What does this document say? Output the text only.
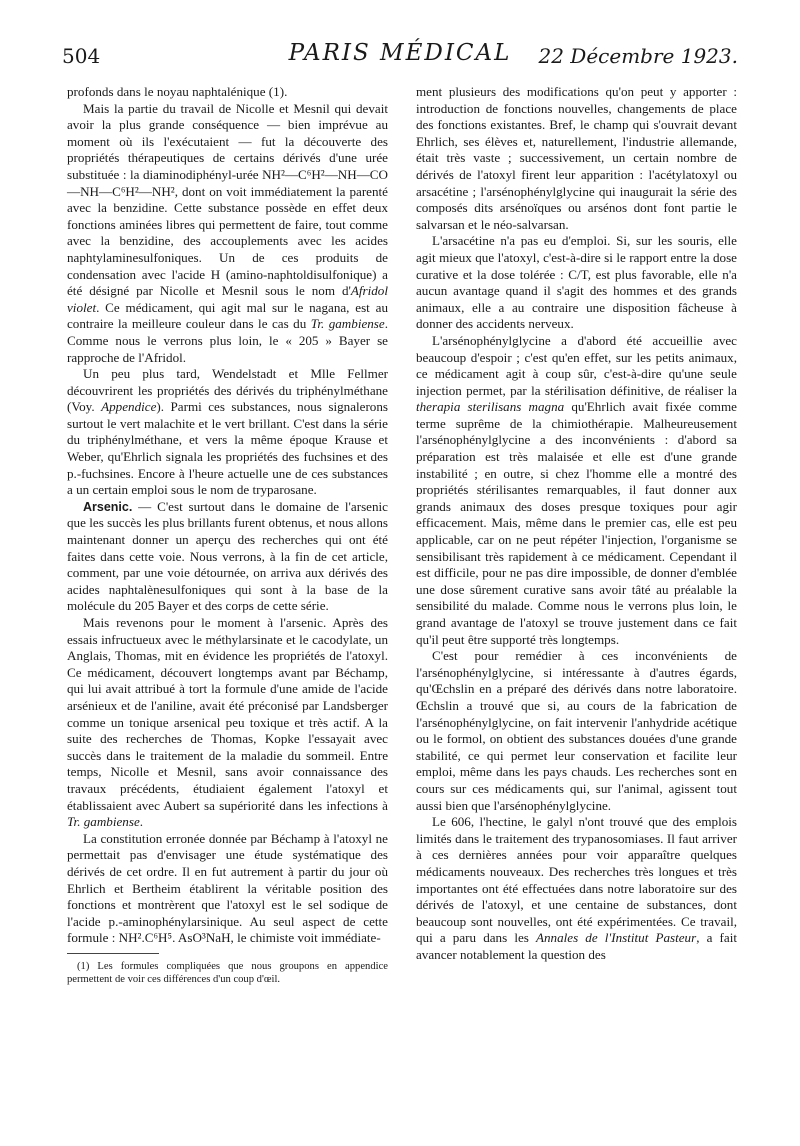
504	PARIS MÉDICAL	22 Décembre 1923.

profonds dans le noyau naphtalénique (1).

Mais la partie du travail de Nicolle et Mesnil qui devait avoir la plus grande conséquence — bien imprévue au moment où ils l'exécutaient — fut la découverte des propriétés thérapeutiques de certains dérivés d'une urée substituée : la diaminodiphényl-urée NH²—C⁶H²—NH—CO—NH—C⁶H²—NH², dont on voit immédiatement la parenté avec la benzidine. Cette substance possède en effet deux fonctions aminées libres qui permettent de faire, tout comme avec la benzidine, des accouplements avec les acides naphtylaminesulfoniques. Un de ces produits de condensation avec l'acide H (amino-naphtoldisulfonique) a été désigné par Nicolle et Mesnil sous le nom d'Afridol violet. Ce médicament, qui agit mal sur le nagana, est au contraire la meilleure couleur dans le cas du Tr. gambiense. Comme nous le verrons plus loin, le « 205 » Bayer se rapproche de l'Afridol.

Un peu plus tard, Wendelstadt et Mlle Fellmer découvrirent les propriétés des dérivés du triphénylméthane (Voy. Appendice). Parmi ces substances, nous signalerons surtout le vert malachite et le vert brillant. C'est dans la série du triphénylméthane, et vers la même époque Krause et Weber, qu'Ehrlich signala les propriétés des fuchsines et des p.-fuchsines. Encore à l'heure actuelle une de ces substances a un certain emploi sous le nom de tryparosane.

Arsenic. — C'est surtout dans le domaine de l'arsenic que les succès les plus brillants furent obtenus, et nous allons maintenant donner un aperçu des recherches qui ont été faites dans cette voie. Nous verrons, à la fin de cet article, comment, par une voie détournée, on arriva aux dérivés des acides naphtalènesulfoniques qui sont à la base de la molécule du 205 Bayer et des corps de cette série.

Mais revenons pour le moment à l'arsenic. Après des essais infructueux avec le méthylarsinate et le cacodylate, un Anglais, Thomas, mit en évidence les propriétés de l'atoxyl. Ce médicament, découvert longtemps avant par Béchamp, qui lui avait attribué à tort la formule d'une amide de l'acide arsénieux et de l'aniline, avait été préconisé par Landsberger comme un tonique arsenical peu toxique et très actif. A la suite des recherches de Thomas, Kopke l'essayait avec succès dans le traitement de la maladie du sommeil. Entre temps, Nicolle et Mesnil, sans avoir connaissance des travaux précédents, étudiaient également l'atoxyl et établissaient avec Aubert sa supériorité dans les infections à Tr. gambiense.

La constitution erronée donnée par Béchamp à l'atoxyl ne permettait pas d'envisager une étude systématique des dérivés de cet ordre. Il en fut autrement à partir du jour où Ehrlich et Bertheim établirent la véritable position des fonctions et montrèrent que l'atoxyl est le sel sodique de l'acide p.-aminophénylarsinique. Au seul aspect de cette formule : NH².C⁶H⁵. AsO³NaH, le chimiste voit immédiate-

(1) Les formules compliquées que nous groupons en appendice permettent de voir ces différences d'un coup d'œil.

ment plusieurs des modifications qu'on peut y apporter : introduction de fonctions nouvelles, changements de place des fonctions existantes. Bref, le champ qui s'ouvrait devant Ehrlich, ses élèves et, naturellement, l'industrie allemande, était très vaste ; successivement, un certain nombre de dérivés de l'atoxyl firent leur apparition : l'acétylatoxyl ou arsacétine ; l'arsénophénylglycine qui inaugurait la série des composés dits arsénoïques ou arsénos dont font partie le salvarsan et le néo-salvarsan.

L'arsacétine n'a pas eu d'emploi. Si, sur les souris, elle agit mieux que l'atoxyl, c'est-à-dire si le rapport entre la dose curative et la dose tolérée : C/T, est plus favorable, elle n'a aucun avantage quand il s'agit des hommes et des grands animaux, elle a au contraire une disposition fâcheuse à donner des accidents nerveux.

L'arsénophénylglycine a d'abord été accueillie avec beaucoup d'espoir ; c'est qu'en effet, sur les petits animaux, ce médicament agit à coup sûr, c'est-à-dire qu'une seule injection permet, par la stérilisation définitive, de réaliser la therapia sterilisans magna qu'Ehrlich avait fixée comme terme suprême de la chimiothérapie. Malheureusement l'arsénophénylglycine a des inconvénients : d'abord sa préparation est très malaisée et elle est d'une grande instabilité ; en outre, si chez l'homme elle a montré des propriétés stérilisantes remarquables, il faut donner aux grands animaux des doses presque toxiques pour agir efficacement. Mais, même dans le premier cas, elle est peu applicable, car on ne peut répéter l'injection, l'organisme se sensibilisant très rapidement à ce médicament. Cependant il est difficile, pour ne pas dire impossible, de donner d'emblée une dose sûrement curative sans avoir tâté au préalable la sensibilité du malade. Comme nous le verrons plus loin, le grand avantage de l'atoxyl se trouve justement dans ce fait qu'il peut être supporté très longtemps.

C'est pour remédier à ces inconvénients de l'arsénophénylglycine, si intéressante à d'autres égards, qu'Œchslin en a préparé des dérivés dans notre laboratoire. Œchslin a trouvé que si, au cours de la fabrication de l'arsénophénylglycine, on fait intervenir l'anhydride acétique ou le formol, on obtient des substances douées d'une grande stabilité, ce qui permet leur conservation et facilite leur emploi, même dans les pays chauds. Les recherches sont en cours sur ces médicaments qui, sur l'animal, agissent tout aussi bien que l'arsénophénylglycine.

Le 606, l'hectine, le galyl n'ont trouvé que des emplois limités dans le traitement des trypanosomiases. Il faut arriver à ces dernières années pour voir apparaître quelques médicaments nouveaux. Des recherches très longues et très importantes ont été effectuées dans notre laboratoire sur des dérivés de l'atoxyl, et une centaine de substances, dont beaucoup sont nouvelles, ont été expérimentées. Ce travail, qui a paru dans les Annales de l'Institut Pasteur, a fait avancer notablement la question des
